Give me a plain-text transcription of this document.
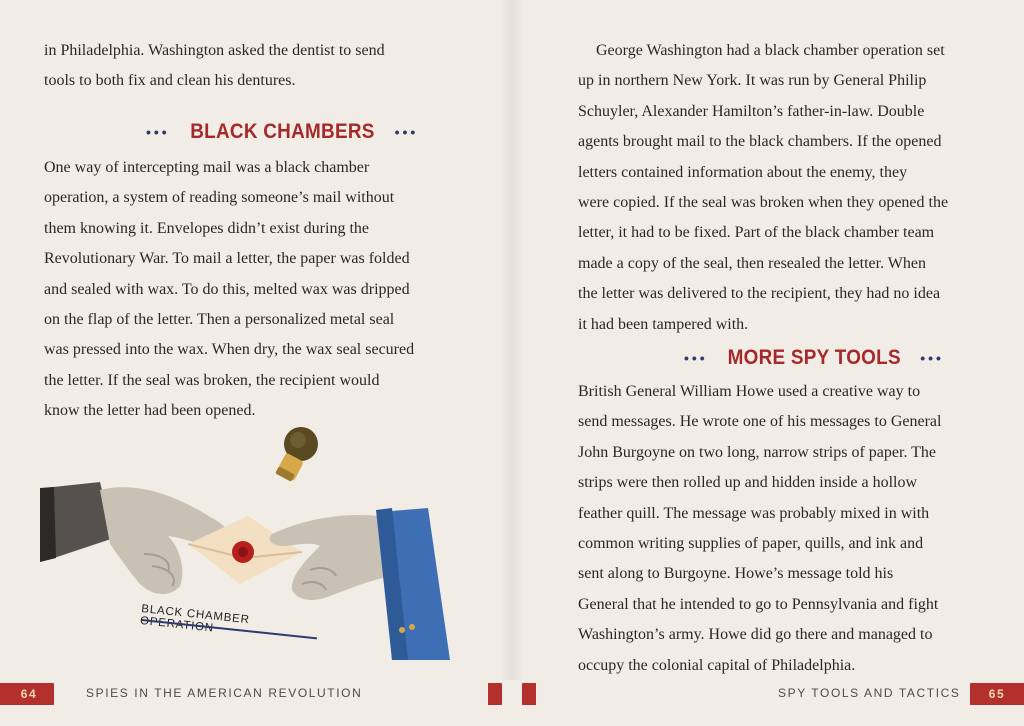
in Philadelphia. Washington asked the dentist to send

tools to both fix and clean his dentures.

••• BLACK CHAMBERS •••

One way of intercepting mail was a black chamber

operation, a system of reading someone’s mail without

them knowing it. Envelopes didn’t exist during the

Revolutionary War. To mail a letter, the paper was folded

and sealed with wax. To do this, melted wax was dripped

on the flap of the letter. Then a personalized metal seal

was pressed into the wax. When dry, the wax seal secured

the letter. If the seal was broken, the recipient would

know the letter had been opened.

BLACK CHAMBER OPERATION

George Washington had a black chamber operation set

up in northern New York. It was run by General Philip

Schuyler, Alexander Hamilton’s father-in-law. Double

agents brought mail to the black chambers. If the opened

letters contained information about the enemy, they

were copied. If the seal was broken when they opened the

letter, it had to be fixed. Part of the black chamber team

made a copy of the seal, then resealed the letter. When

the letter was delivered to the recipient, they had no idea

it had been tampered with.

••• MORE SPY TOOLS •••

British General William Howe used a creative way to

send messages. He wrote one of his messages to General

John Burgoyne on two long, narrow strips of paper. The

strips were then rolled up and hidden inside a hollow

feather quill. The message was probably mixed in with

common writing supplies of paper, quills, and ink and

sent along to Burgoyne. Howe’s message told his

General that he intended to go to Pennsylvania and fight

Washington’s army. Howe did go there and managed to

occupy the colonial capital of Philadelphia.

64	SPIES IN THE AMERICAN REVOLUTION	SPY TOOLS AND TACTICS	65
